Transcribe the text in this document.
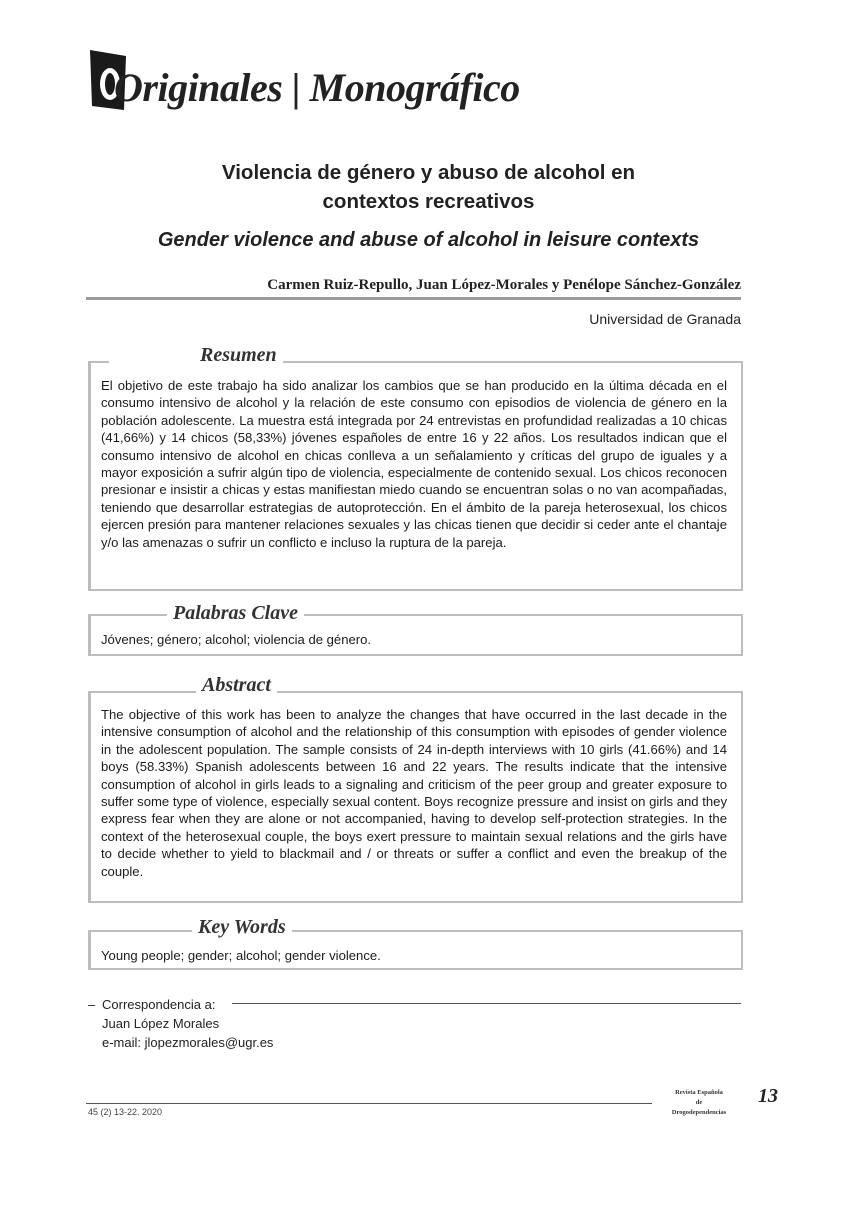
Originales | Monográfico
Violencia de género y abuso de alcohol en
contextos recreativos
Gender violence and abuse of alcohol in leisure contexts
Carmen Ruiz-Repullo, Juan López-Morales y Penélope Sánchez-González
Universidad de Granada
Resumen
El objetivo de este trabajo ha sido analizar los cambios que se han producido en la última década en el consumo intensivo de alcohol y la relación de este consumo con episodios de violencia de género en la población adolescente. La muestra está integrada por 24 entrevistas en profundidad realizadas a 10 chicas (41,66%) y 14 chicos (58,33%) jóvenes españoles de entre 16 y 22 años. Los resultados indican que el consumo intensivo de alcohol en chicas conlleva a un señalamiento y críticas del grupo de iguales y a mayor exposición a sufrir algún tipo de violencia, especialmente de contenido sexual. Los chicos reconocen presionar e insistir a chicas y estas manifiestan miedo cuando se encuentran solas o no van acompañadas, teniendo que desarrollar estrategias de autoprotección. En el ámbito de la pareja heterosexual, los chicos ejercen presión para mantener relaciones sexuales y las chicas tienen que decidir si ceder ante el chantaje y/o las amenazas o sufrir un conflicto e incluso la ruptura de la pareja.
Palabras Clave
Jóvenes; género; alcohol; violencia de género.
Abstract
The objective of this work has been to analyze the changes that have occurred in the last decade in the intensive consumption of alcohol and the relationship of this consumption with episodes of gender violence in the adolescent population. The sample consists of 24 in-depth interviews with 10 girls (41.66%) and 14 boys (58.33%) Spanish adolescents between 16 and 22 years. The results indicate that the intensive consumption of alcohol in girls leads to a signaling and criticism of the peer group and greater exposure to suffer some type of violence, especially sexual content. Boys recognize pressure and insist on girls and they express fear when they are alone or not accompanied, having to develop self-protection strategies. In the context of the heterosexual couple, the boys exert pressure to maintain sexual relations and the girls have to decide whether to yield to blackmail and / or threats or suffer a conflict and even the breakup of the couple.
Key Words
Young people; gender; alcohol; gender violence.
– Correspondencia a:
Juan López Morales
e-mail: jlopezmorales@ugr.es
45 (2) 13-22. 2020
Revista Española
de
Drogodependencias
13
